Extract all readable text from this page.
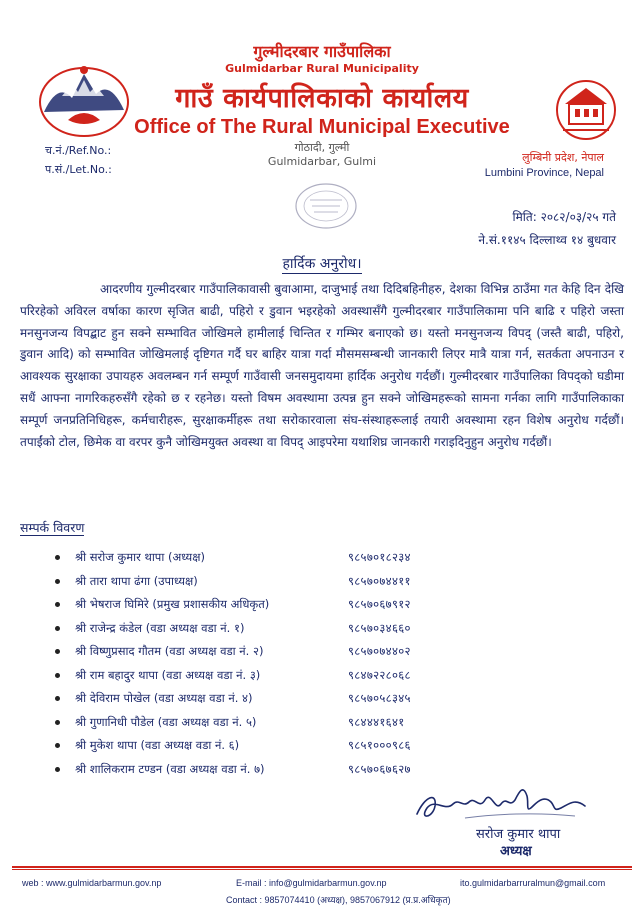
गुल्मीदरबार गाउँपालिका
Gulmidarbar Rural Municipality
गाउँ कार्यपालिकाको कार्यालय
Office of The Rural Municipal Executive
गोठादी, गुल्मी
Gulmidarbar, Gulmi
च.नं./Ref.No.:
प.सं./Let.No.:
लुम्बिनी प्रदेश, नेपाल
Lumbini Province, Nepal
मिति: २०८२/०३/२५ गते
ने.सं.११४५ दिल्लाथ्व १४ बुधवार
हार्दिक अनुरोध।

आदरणीय गुल्मीदरबार गाउँपालिकावासी बुवाआमा, दाजुभाई तथा दिदिबहिनीहरु, देशका विभिन्न ठाउँमा गत केहि दिन देखि परिरहेको अविरल वर्षाका कारण सृजित बाढी, पहिरो र डुवान भइरहेको अवस्थासँगै गुल्मीदरबार गाउँपालिकामा पनि बाढि र पहिरो जस्ता मनसुनजन्य विपद्बाट हुन सक्ने सम्भावित जोखिमले हामीलाई चिन्तित र गम्भिर बनाएको छ। यस्तो मनसुनजन्य विपद् (जस्तै बाढी, पहिरो, डुवान आदि) को सम्भावित जोखिमलाई दृष्टिगत गर्दै घर बाहिर यात्रा गर्दा मौसमसम्बन्धी जानकारी लिएर मात्रै यात्रा गर्न, सतर्कता अपनाउन र आवश्यक सुरक्षाका उपायहरु अवलम्बन गर्न सम्पूर्ण गाउँवासी जनसमुदायमा हार्दिक अनुरोध गर्दछौं। गुल्मीदरबार गाउँपालिका विपद्को घडीमा सधैं आफ्ना नागरिकहरुसँगै रहेको छ र रहनेछ। यस्तो विषम अवस्थामा उत्पन्न हुन सक्ने जोखिमहरूको सामना गर्नका लागि गाउँपालिकाका सम्पूर्ण जनप्रतिनिधिहरू, कर्मचारीहरू, सुरक्षाकर्मीहरू तथा सरोकारवाला संघ-संस्थाहरूलाई तयारी अवस्थामा रहन विशेष अनुरोध गर्दछौं। तपाईंको टोल, छिमेक वा वरपर कुनै जोखिमयुक्त अवस्था वा विपद् आइपरेमा यथाशिघ्र जानकारी गराइदिनुहुन अनुरोध गर्दछौं।

सम्पर्क विवरण
श्री सरोज कुमार थापा (अध्यक्ष)	९८५७०१८२३४
श्री तारा थापा ढंगा (उपाध्यक्ष)	९८५७०७४४११
श्री भेषराज घिमिरे (प्रमुख प्रशासकीय अधिकृत)	९८५७०६७९१२
श्री राजेन्द्र कंडेल (वडा अध्यक्ष वडा नं. १)	९८५७०३४६६०
श्री विष्णुप्रसाद गौतम (वडा अध्यक्ष वडा नं. २)	९८५७०७४४०२
श्री राम बहादुर थापा (वडा अध्यक्ष वडा नं. ३)	९८४७२२८०६८
श्री देविराम पोखेल (वडा अध्यक्ष वडा नं. ४)	९८५७०५८३४५
श्री गुणानिधी पौडेल (वडा अध्यक्ष वडा नं. ५)	९८४४४१६४१
श्री मुकेश थापा (वडा अध्यक्ष वडा नं. ६)	९८५१०००९८६
श्री शालिकराम टण्डन (वडा अध्यक्ष वडा नं. ७)	९८५७०६७६२७
सरोज कुमार थापा
अध्यक्ष
web : www.gulmidarbarmun.gov.np	E-mail : info@gulmidarbarmun.gov.np	ito.gulmidarbarruralmun@gmail.com
Contact : 9857074410 (अध्यक्ष), 9857067912 (प्र.प्र.अधिकृत)
